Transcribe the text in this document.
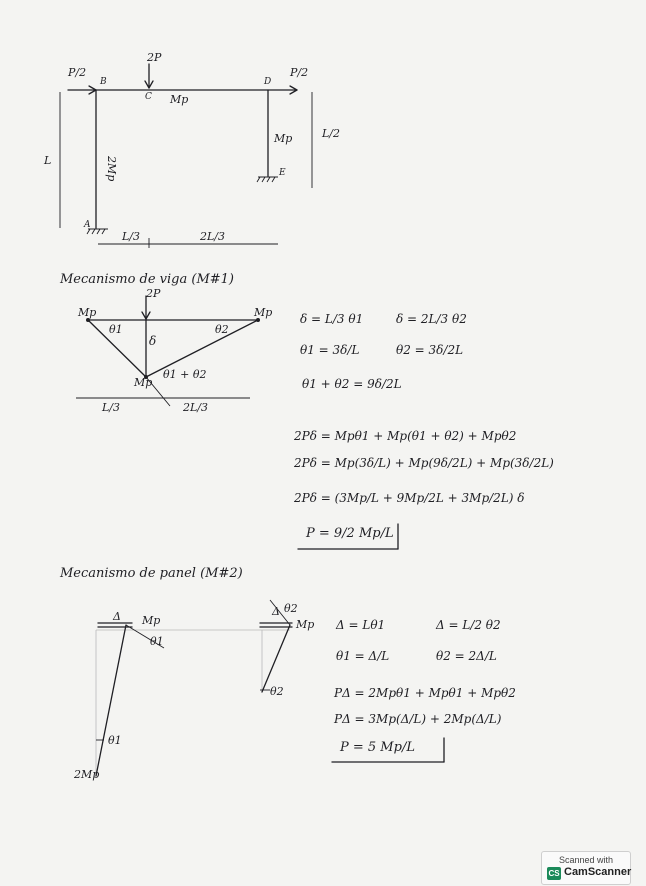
2P
P/2	P/2
B
C
D
E
A
Mp
Mp
2Mp
L
L/2
L/3	2L/3
Mecanismo de viga (M#1)
2P
Mp	Mp
Mp
θ1	θ2
θ1 + θ2
δ
L/3	2L/3
δ = L/3 θ1	δ = 2L/3 θ2
θ1 = 3δ/L	θ2 = 3δ/2L
θ1 + θ2 = 9δ/2L
2Pδ = Mpθ1 + Mp(θ1 + θ2) + Mpθ2
2Pδ = Mp(3δ/L) + Mp(9δ/2L) + Mp(3δ/2L)
2Pδ = (3Mp/L + 9Mp/2L + 3Mp/2L) δ
P = 9/2 Mp/L
Mecanismo de panel (M#2)
Δ	Δ
Mp	Mp
2Mp
θ1
θ1
θ2
θ2
Δ = Lθ1	Δ = L/2 θ2
θ1 = Δ/L	θ2 = 2Δ/L
PΔ = 2Mpθ1 + Mpθ1 + Mpθ2
PΔ = 3Mp(Δ/L) + 2Mp(Δ/L)
P = 5 Mp/L
Scanned with
CS CamScanner
